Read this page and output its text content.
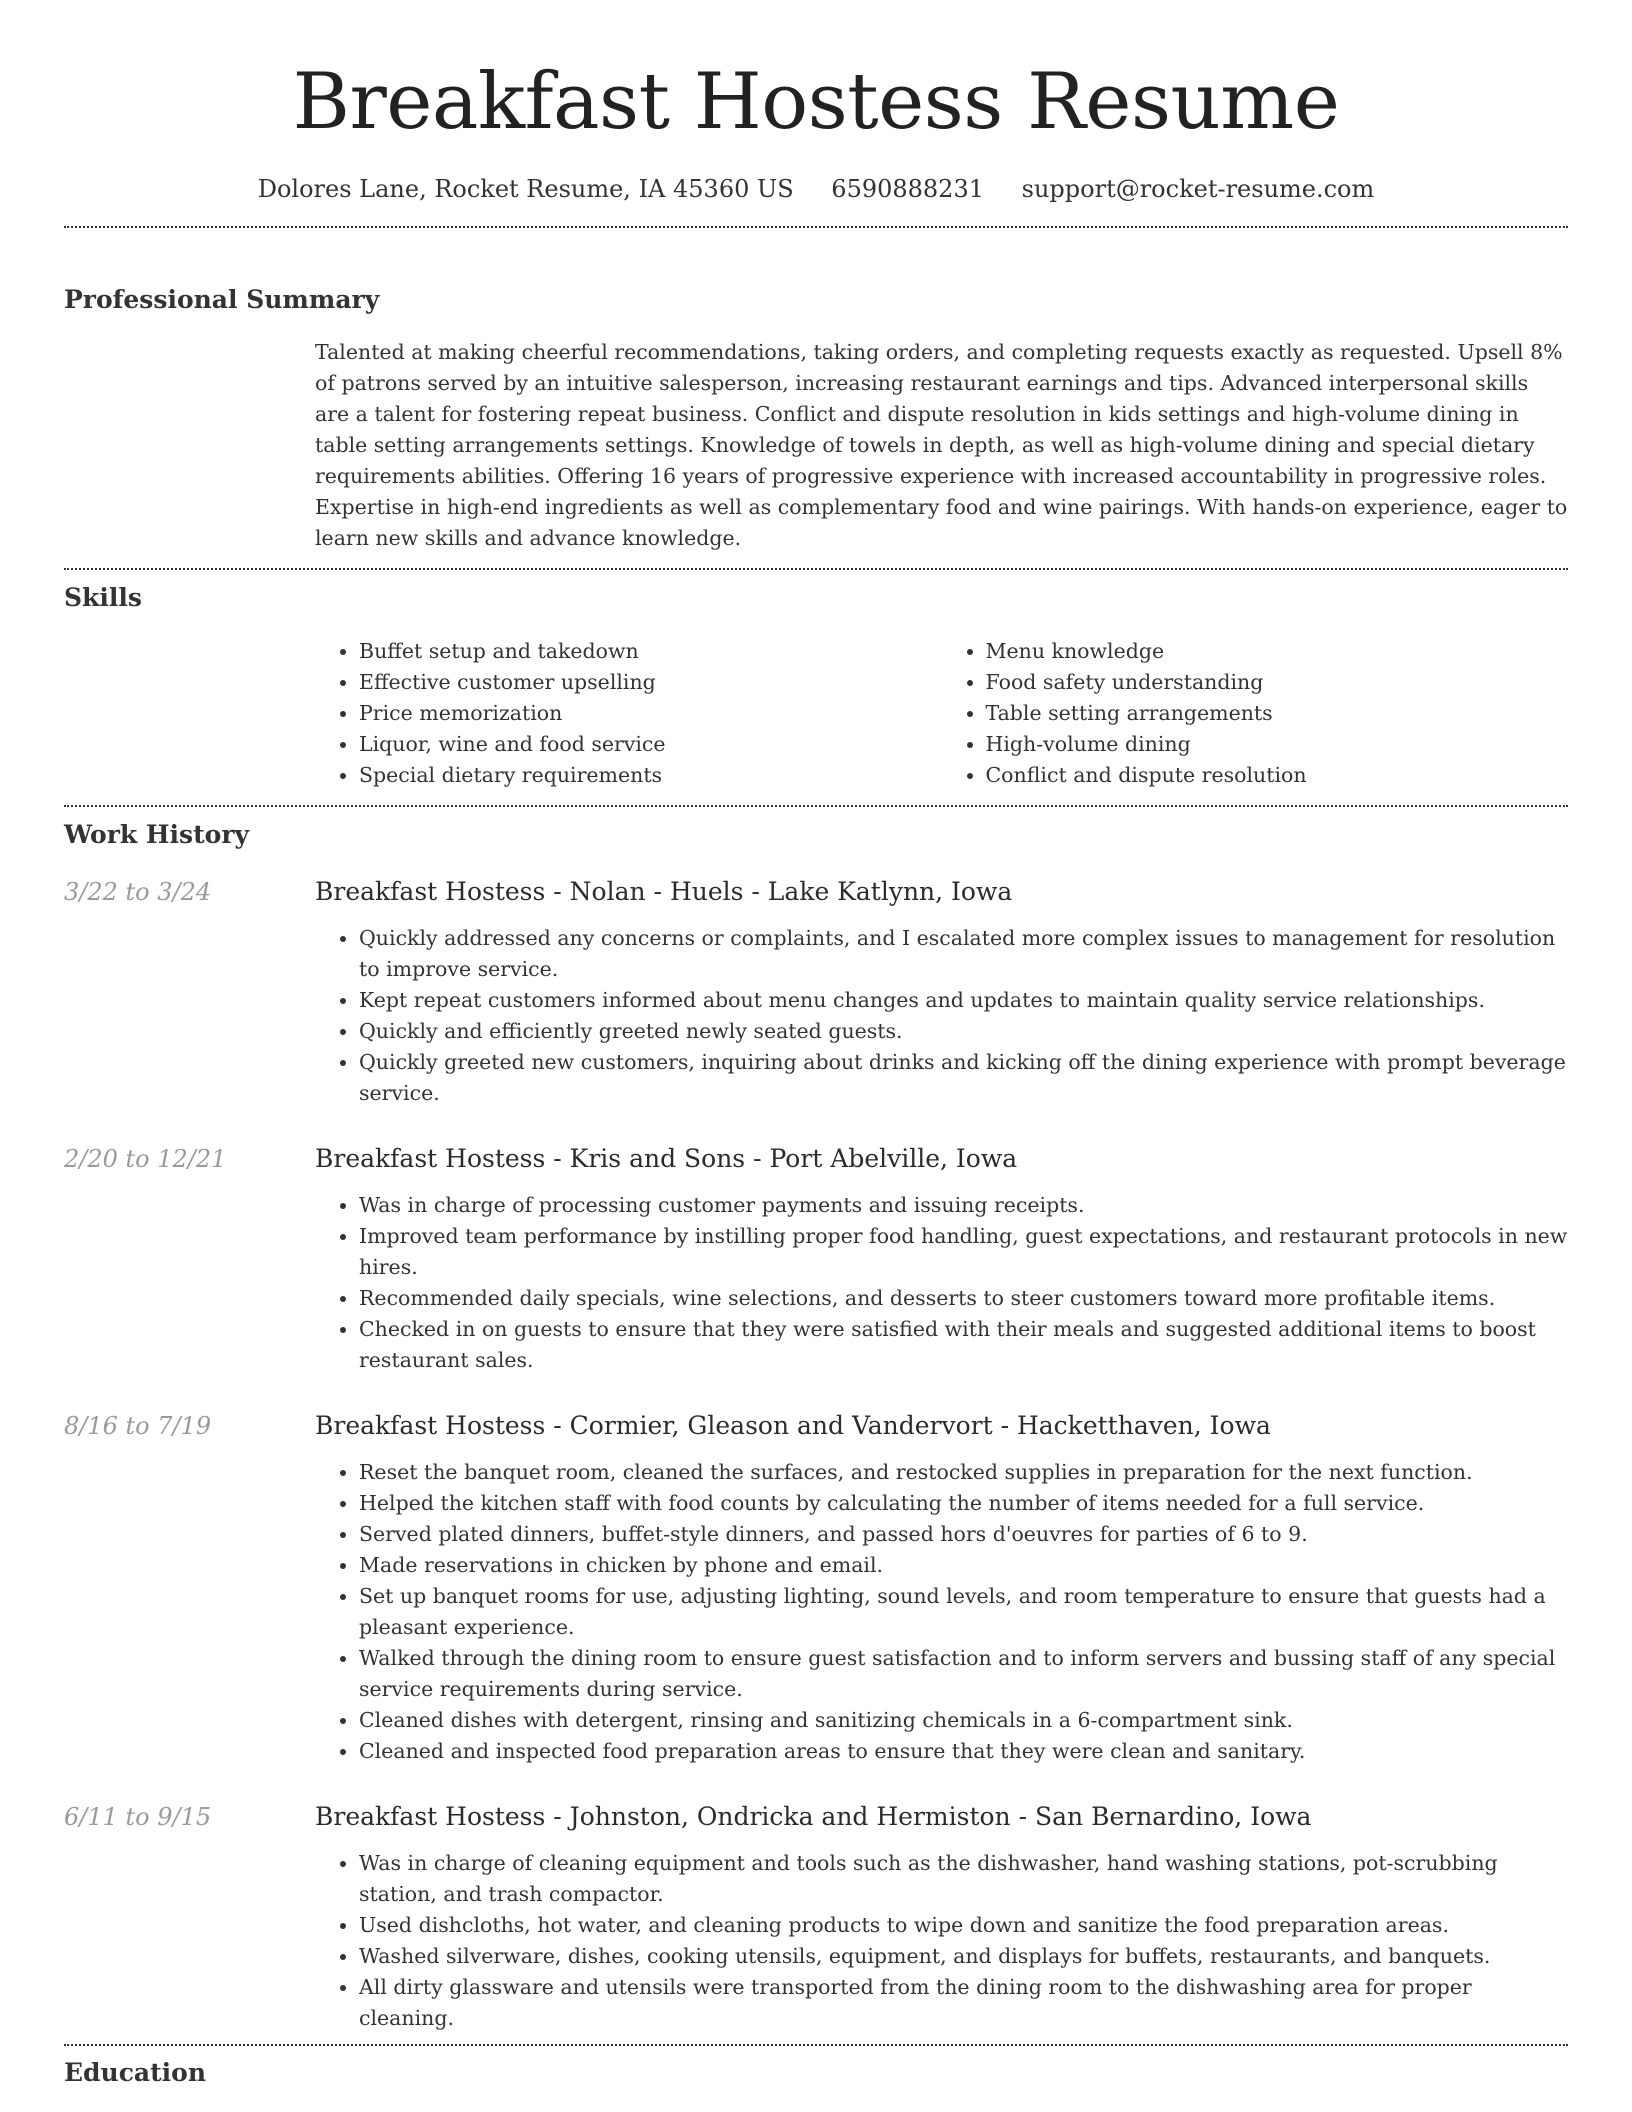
Breakfast Hostess Resume
Dolores Lane, Rocket Resume, IA 45360 US 6590888231 support@rocket-resume.com
Professional Summary

Talented at making cheerful recommendations, taking orders, and completing requests exactly as requested. Upsell 8% of patrons served by an intuitive salesperson, increasing restaurant earnings and tips. Advanced interpersonal skills are a talent for fostering repeat business. Conflict and dispute resolution in kids settings and high-volume dining in table setting arrangements settings. Knowledge of towels in depth, as well as high-volume dining and special dietary requirements abilities. Offering 16 years of progressive experience with increased accountability in progressive roles. Expertise in high-end ingredients as well as complementary food and wine pairings. With hands-on experience, eager to learn new skills and advance knowledge.

Skills
• Buffet setup and takedown
• Effective customer upselling
• Price memorization
• Liquor, wine and food service
• Special dietary requirements
• Menu knowledge
• Food safety understanding
• Table setting arrangements
• High-volume dining
• Conflict and dispute resolution
Work History
3/22 to 3/24	Breakfast Hostess - Nolan - Huels - Lake Katlynn, Iowa
• Quickly addressed any concerns or complaints, and I escalated more complex issues to management for resolution to improve service.
• Kept repeat customers informed about menu changes and updates to maintain quality service relationships.
• Quickly and efficiently greeted newly seated guests.
• Quickly greeted new customers, inquiring about drinks and kicking off the dining experience with prompt beverage service.
2/20 to 12/21	Breakfast Hostess - Kris and Sons - Port Abelville, Iowa
• Was in charge of processing customer payments and issuing receipts.
• Improved team performance by instilling proper food handling, guest expectations, and restaurant protocols in new hires.
• Recommended daily specials, wine selections, and desserts to steer customers toward more profitable items.
• Checked in on guests to ensure that they were satisfied with their meals and suggested additional items to boost restaurant sales.
8/16 to 7/19	Breakfast Hostess - Cormier, Gleason and Vandervort - Hacketthaven, Iowa
• Reset the banquet room, cleaned the surfaces, and restocked supplies in preparation for the next function.
• Helped the kitchen staff with food counts by calculating the number of items needed for a full service.
• Served plated dinners, buffet-style dinners, and passed hors d'oeuvres for parties of 6 to 9.
• Made reservations in chicken by phone and email.
• Set up banquet rooms for use, adjusting lighting, sound levels, and room temperature to ensure that guests had a pleasant experience.
• Walked through the dining room to ensure guest satisfaction and to inform servers and bussing staff of any special service requirements during service.
• Cleaned dishes with detergent, rinsing and sanitizing chemicals in a 6-compartment sink.
• Cleaned and inspected food preparation areas to ensure that they were clean and sanitary.
6/11 to 9/15	Breakfast Hostess - Johnston, Ondricka and Hermiston - San Bernardino, Iowa
• Was in charge of cleaning equipment and tools such as the dishwasher, hand washing stations, pot-scrubbing station, and trash compactor.
• Used dishcloths, hot water, and cleaning products to wipe down and sanitize the food preparation areas.
• Washed silverware, dishes, cooking utensils, equipment, and displays for buffets, restaurants, and banquets.
• All dirty glassware and utensils were transported from the dining room to the dishwashing area for proper cleaning.
Education
